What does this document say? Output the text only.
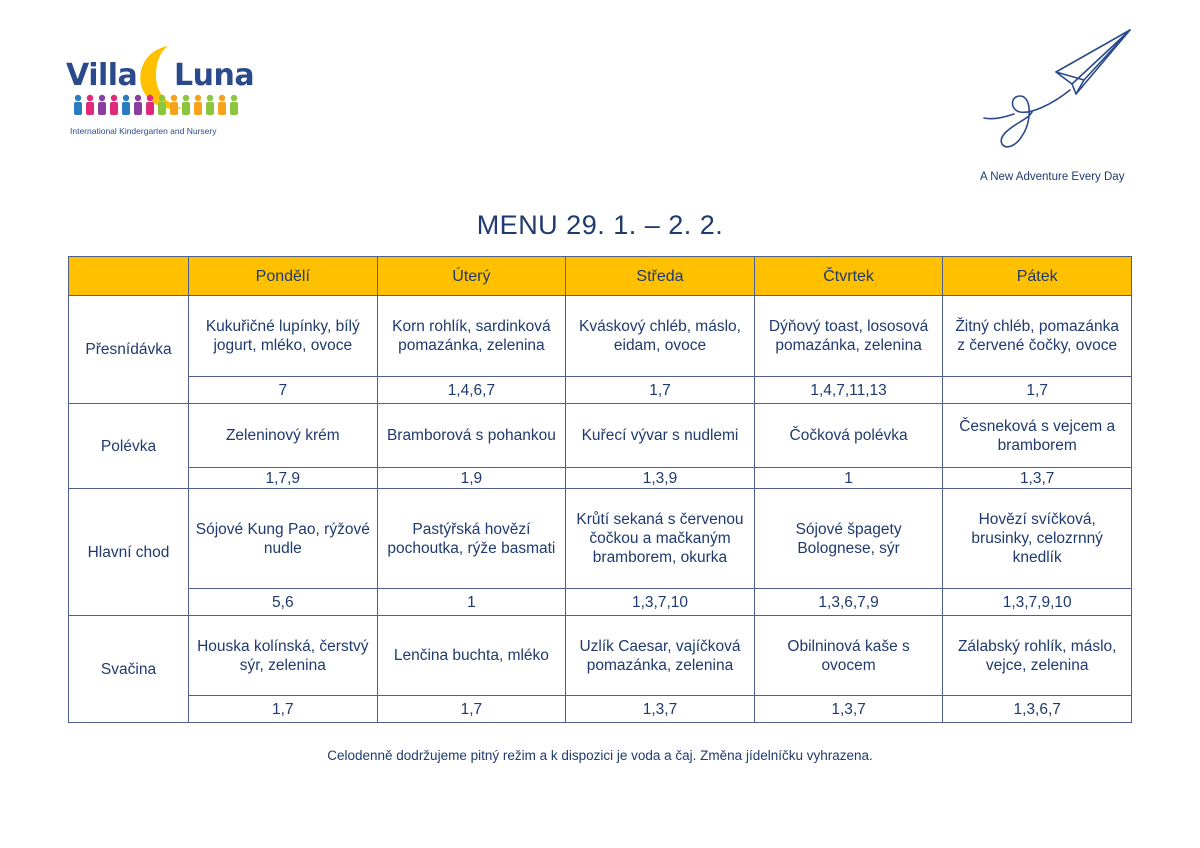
Villa Luna
International Kindergarten and Nursery
A New Adventure Every Day
MENU 29. 1. – 2. 2.
	Pondělí	Úterý	Středa	Čtvrtek	Pátek
Přesnídávka	Kukuřičné lupínky, bílý jogurt, mléko, ovoce	Korn rohlík, sardinková pomazánka, zelenina	Kváskový chléb, máslo, eidam, ovoce	Dýňový toast, lososová pomazánka, zelenina	Žitný chléb, pomazánka z červené čočky, ovoce
	7	1,4,6,7	1,7	1,4,7,11,13	1,7
Polévka	Zeleninový krém	Bramborová s pohankou	Kuřecí vývar s nudlemi	Čočková polévka	Česneková s vejcem a bramborem
	1,7,9	1,9	1,3,9	1	1,3,7
Hlavní chod	Sójové Kung Pao, rýžové nudle	Pastýřská hovězí pochoutka, rýže basmati	Krůtí sekaná s červenou čočkou a mačkaným bramborem, okurka	Sójové špagety Bolognese, sýr	Hovězí svíčková, brusinky, celozrnný knedlík
	5,6	1	1,3,7,10	1,3,6,7,9	1,3,7,9,10
Svačina	Houska kolínská, čerstvý sýr, zelenina	Lenčina buchta, mléko	Uzlík Caesar, vajíčková pomazánka, zelenina	Obilninová kaše s ovocem	Zálabský rohlík, máslo, vejce, zelenina
	1,7	1,7	1,3,7	1,3,7	1,3,6,7
Celodenně dodržujeme pitný režim a k dispozici je voda a čaj. Změna jídelníčku vyhrazena.
